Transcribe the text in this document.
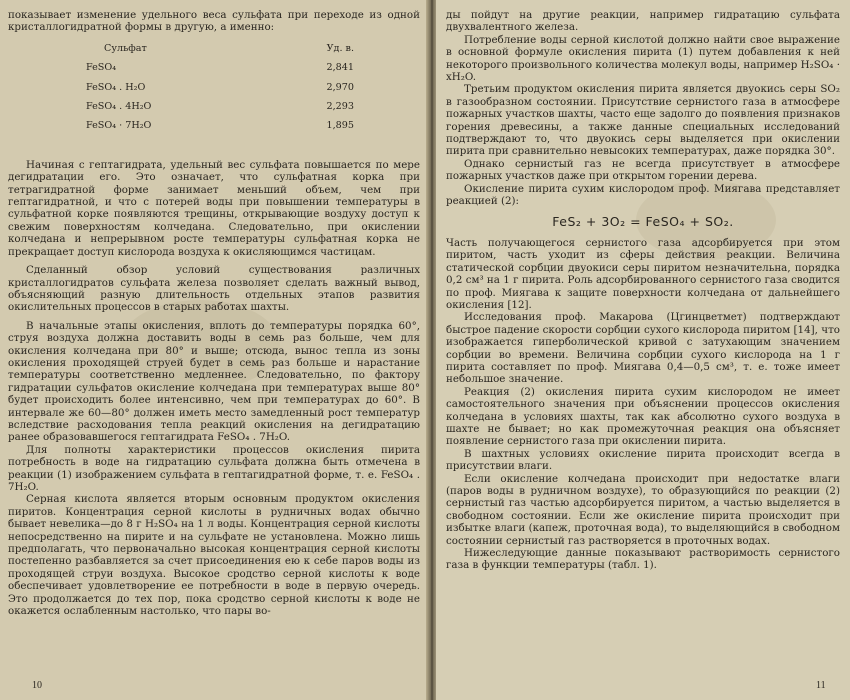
показывает изменение удельного веса сульфата при переходе из одной кристаллогидратной формы в другую, а именно:

Сульфат	Уд. в.
FeSO₄	2,841
FeSO₄ . H₂O	2,970
FeSO₄ . 4H₂O	2,293
FeSO₄ · 7H₂O	1,895

Начиная с гептагидрата, удельный вес сульфата повышается по мере дегидратации его. Это означает, что сульфатная корка при тетрагидратной форме занимает меньший объем, чем при гептагидратной, и что с потерей воды при повышении температуры в сульфатной корке появляются трещины, открывающие воздуху доступ к свежим поверхностям колчедана. Следовательно, при окислении колчедана и непрерывном росте температуры сульфатная корка не прекращает доступ кислорода воздуха к окисляющимся частицам.

Сделанный обзор условий существования различных кристаллогидратов сульфата железа позволяет сделать важный вывод, объясняющий разную длительность отдельных этапов развития окислительных процессов в старых работах шахты.

В начальные этапы окисления, вплоть до температуры порядка 60°, струя воздуха должна доставить воды в семь раз больше, чем для окисления колчедана при 80° и выше; отсюда, вынос тепла из зоны окисления проходящей струей будет в семь раз больше и нарастание температуры соответственно медленнее. Следовательно, по фактору гидратации сульфатов окисление колчедана при температурах выше 80° будет происходить более интенсивно, чем при температурах до 60°. В интервале же 60—80° должен иметь место замедленный рост температур вследствие расходования тепла реакций окисления на дегидратацию ранее образовавшегося гептагидрата FeSO₄ . 7H₂O.

Для полноты характеристики процессов окисления пирита потребность в воде на гидратацию сульфата должна быть отмечена в реакции (1) изображением сульфата в гептагидратной форме, т. е. FeSO₄ . 7H₂O.

Серная кислота является вторым основным продуктом окисления пиритов. Концентрация серной кислоты в рудничных водах обычно бывает невелика—до 8 г H₂SO₄ на 1 л воды. Концентрация серной кислоты непосредственно на пирите и на сульфате не установлена. Можно лишь предполагать, что первоначально высокая концентрация серной кислоты постепенно разбавляется за счет присоединения ею к себе паров воды из проходящей струи воздуха. Высокое сродство серной кислоты к воде обеспечивает удовлетворение ее потребности в воде в первую очередь. Это продолжается до тех пор, пока сродство серной кислоты к воде не окажется ослабленным настолько, что пары во-

10

ды пойдут на другие реакции, например гидратацию сульфата двухвалентного железа.

Потребление воды серной кислотой должно найти свое выражение в основной формуле окисления пирита (1) путем добавления к ней некоторого произвольного количества молекул воды, например H₂SO₄ · xH₂O.

Третьим продуктом окисления пирита является двуокись серы SO₂ в газообразном состоянии. Присутствие сернистого газа в атмосфере пожарных участков шахты, часто еще задолго до появления признаков горения древесины, а также данные специальных исследований подтверждают то, что двуокись серы выделяется при окислении пирита при сравнительно невысоких температурах, даже порядка 30°.

Однако сернистый газ не всегда присутствует в атмосфере пожарных участков даже при открытом горении дерева.

Окисление пирита сухим кислородом проф. Миягава представляет реакцией (2):

FeS₂ + 3O₂ = FeSO₄ + SO₂.

Часть получающегося сернистого газа адсорбируется при этом пиритом, часть уходит из сферы действия реакции. Величина статической сорбции двуокиси серы пиритом незначительна, порядка 0,2 см³ на 1 г пирита. Роль адсорбированного сернистого газа сводится по проф. Миягава к защите поверхности колчедана от дальнейшего окисления [12].

Исследования проф. Макарова (Цгинцветмет) подтверждают быстрое падение скорости сорбции сухого кислорода пиритом [14], что изображается гиперболической кривой с затухающим значением сорбции во времени. Величина сорбции сухого кислорода на 1 г пирита составляет по проф. Миягава 0,4—0,5 см³, т. е. тоже имеет небольшое значение.

Реакция (2) окисления пирита сухим кислородом не имеет самостоятельного значения при объяснении процессов окисления колчедана в условиях шахты, так как абсолютно сухого воздуха в шахте не бывает; но как промежуточная реакция она объясняет появление сернистого газа при окислении пирита.

В шахтных условиях окисление пирита происходит всегда в присутствии влаги.

Если окисление колчедана происходит при недостатке влаги (паров воды в рудничном воздухе), то образующийся по реакции (2) сернистый газ частью адсорбируется пиритом, а частью выделяется в свободном состоянии. Если же окисление пирита происходит при избытке влаги (капеж, проточная вода), то выделяющийся в свободном состоянии сернистый газ растворяется в проточных водах.

Нижеследующие данные показывают растворимость сернистого газа в функции температуры (табл. 1).

11
